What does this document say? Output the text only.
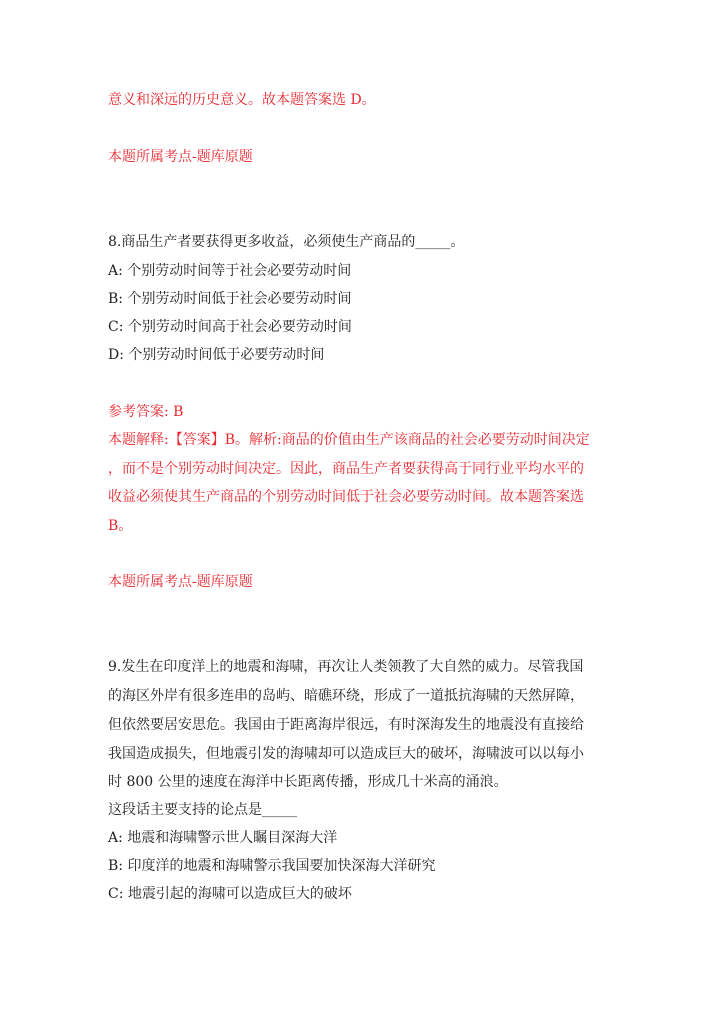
意义和深远的历史意义。故本题答案选 D。
本题所属考点-题库原题
8.商品生产者要获得更多收益，必须使生产商品的_____。
A: 个别劳动时间等于社会必要劳动时间
B: 个别劳动时间低于社会必要劳动时间
C: 个别劳动时间高于社会必要劳动时间
D: 个别劳动时间低于必要劳动时间
参考答案: B
本题解释:【答案】B。解析:商品的价值由生产该商品的社会必要劳动时间决定
，而不是个别劳动时间决定。因此，商品生产者要获得高于同行业平均水平的
收益必须使其生产商品的个别劳动时间低于社会必要劳动时间。故本题答案选
B。
本题所属考点-题库原题
9.发生在印度洋上的地震和海啸，再次让人类领教了大自然的威力。尽管我国
的海区外岸有很多连串的岛屿、暗礁环绕，形成了一道抵抗海啸的天然屏障，
但依然要居安思危。我国由于距离海岸很远，有时深海发生的地震没有直接给
我国造成损失，但地震引发的海啸却可以造成巨大的破坏，海啸波可以以每小
时 800 公里的速度在海洋中长距离传播，形成几十米高的涌浪。
这段话主要支持的论点是_____
A: 地震和海啸警示世人瞩目深海大洋
B: 印度洋的地震和海啸警示我国要加快深海大洋研究
C: 地震引起的海啸可以造成巨大的破坏
